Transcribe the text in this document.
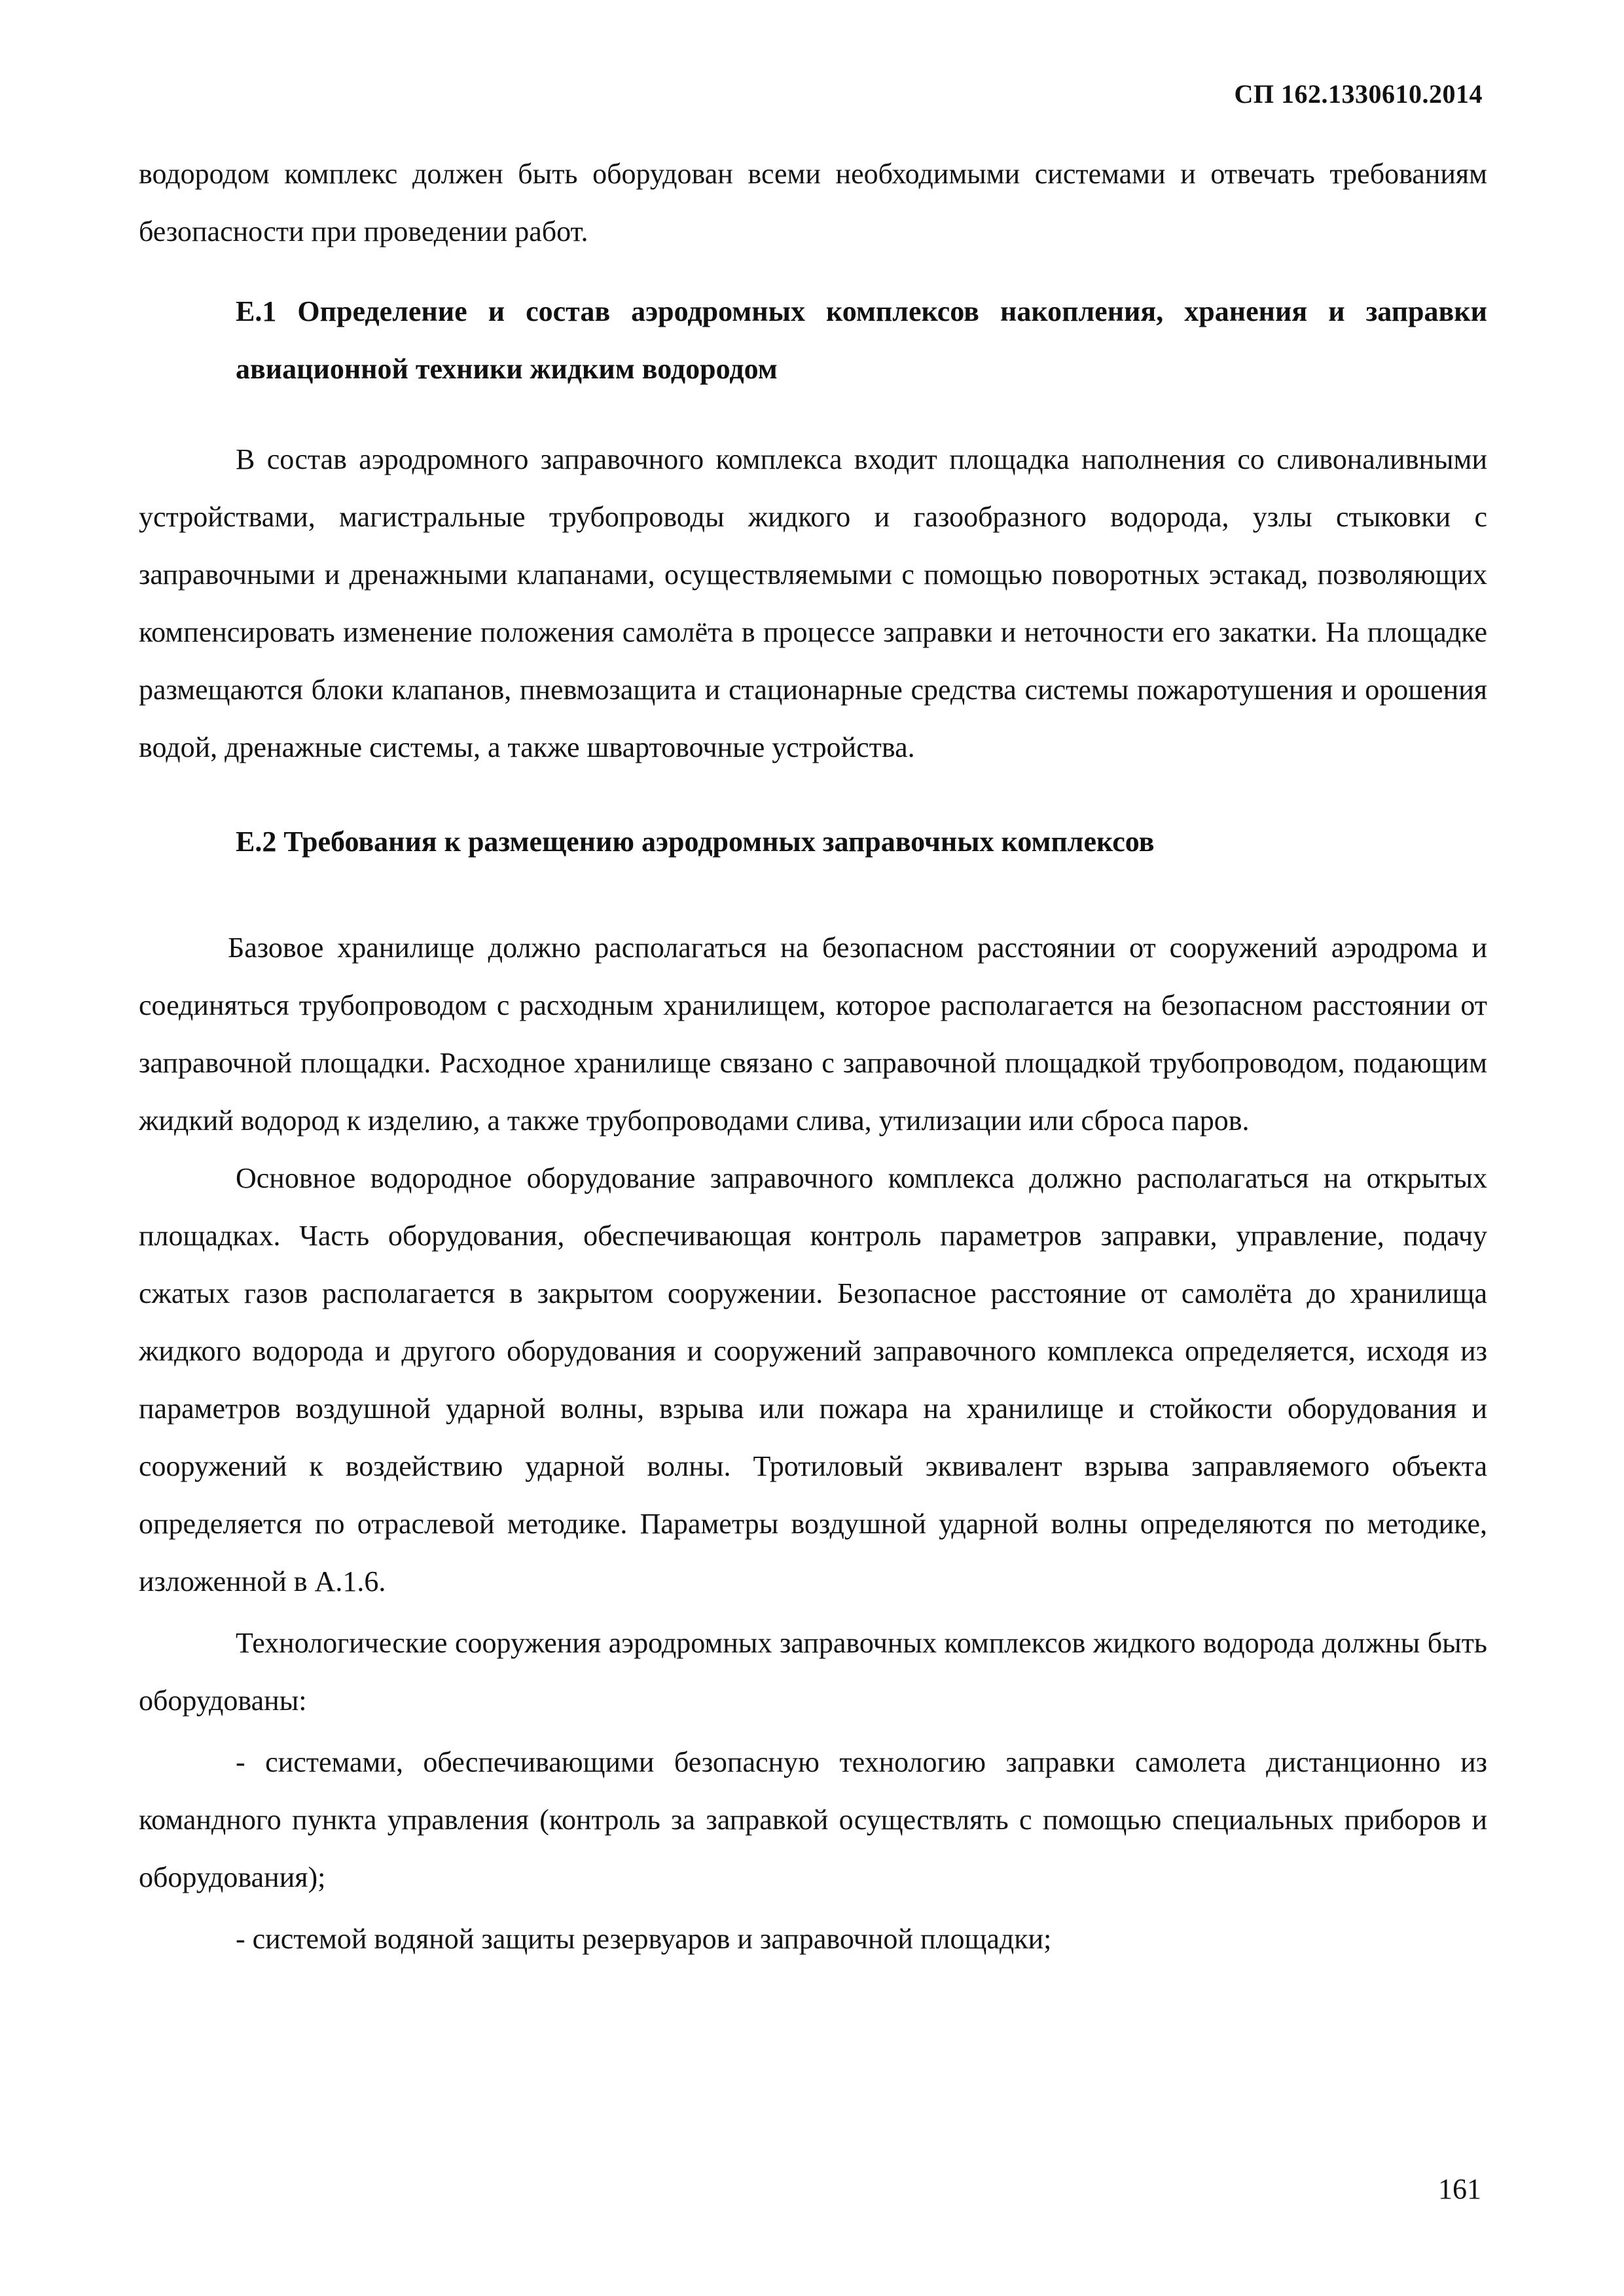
СП 162.1330610.2014

водородом комплекс должен быть оборудован всеми необходимыми системами и отвечать требованиям безопасности при проведении работ.

Е.1 Определение и состав аэродромных комплексов накопления, хранения и заправки авиационной техники жидким водородом

В состав аэродромного заправочного комплекса входит площадка наполнения со сливоналивными устройствами, магистральные трубопроводы жидкого и газообразного водорода, узлы стыковки с заправочными и дренажными клапанами, осуществляемыми с помощью поворотных эстакад, позволяющих компенсировать изменение положения самолёта в процессе заправки и неточности его закатки. На площадке размещаются блоки клапанов, пневмозащита и стационарные средства системы пожаротушения и орошения водой, дренажные системы, а также швартовочные устройства.

Е.2 Требования к размещению аэродромных заправочных комплексов

Базовое хранилище должно располагаться на безопасном расстоянии от сооружений аэродрома и соединяться трубопроводом с расходным хранилищем, которое располагается на безопасном расстоянии от заправочной площадки. Расходное хранилище связано с заправочной площадкой трубопроводом, подающим жидкий водород к изделию, а также трубопроводами слива, утилизации или сброса паров.

Основное водородное оборудование заправочного комплекса должно располагаться на открытых площадках. Часть оборудования, обеспечивающая контроль параметров заправки, управление, подачу сжатых газов располагается в закрытом сооружении. Безопасное расстояние от самолёта до хранилища жидкого водорода и другого оборудования и сооружений заправочного комплекса определяется, исходя из параметров воздушной ударной волны, взрыва или пожара на хранилище и стойкости оборудования и сооружений к воздействию ударной волны. Тротиловый эквивалент взрыва заправляемого объекта определяется по отраслевой методике. Параметры воздушной ударной волны определяются по методике, изложенной в А.1.6.

Технологические сооружения аэродромных заправочных комплексов жидкого водорода должны быть оборудованы:

- системами, обеспечивающими безопасную технологию заправки самолета дистанционно из командного пункта управления (контроль за заправкой осуществлять с помощью специальных приборов и оборудования);

- системой водяной защиты резервуаров и заправочной площадки;

161
